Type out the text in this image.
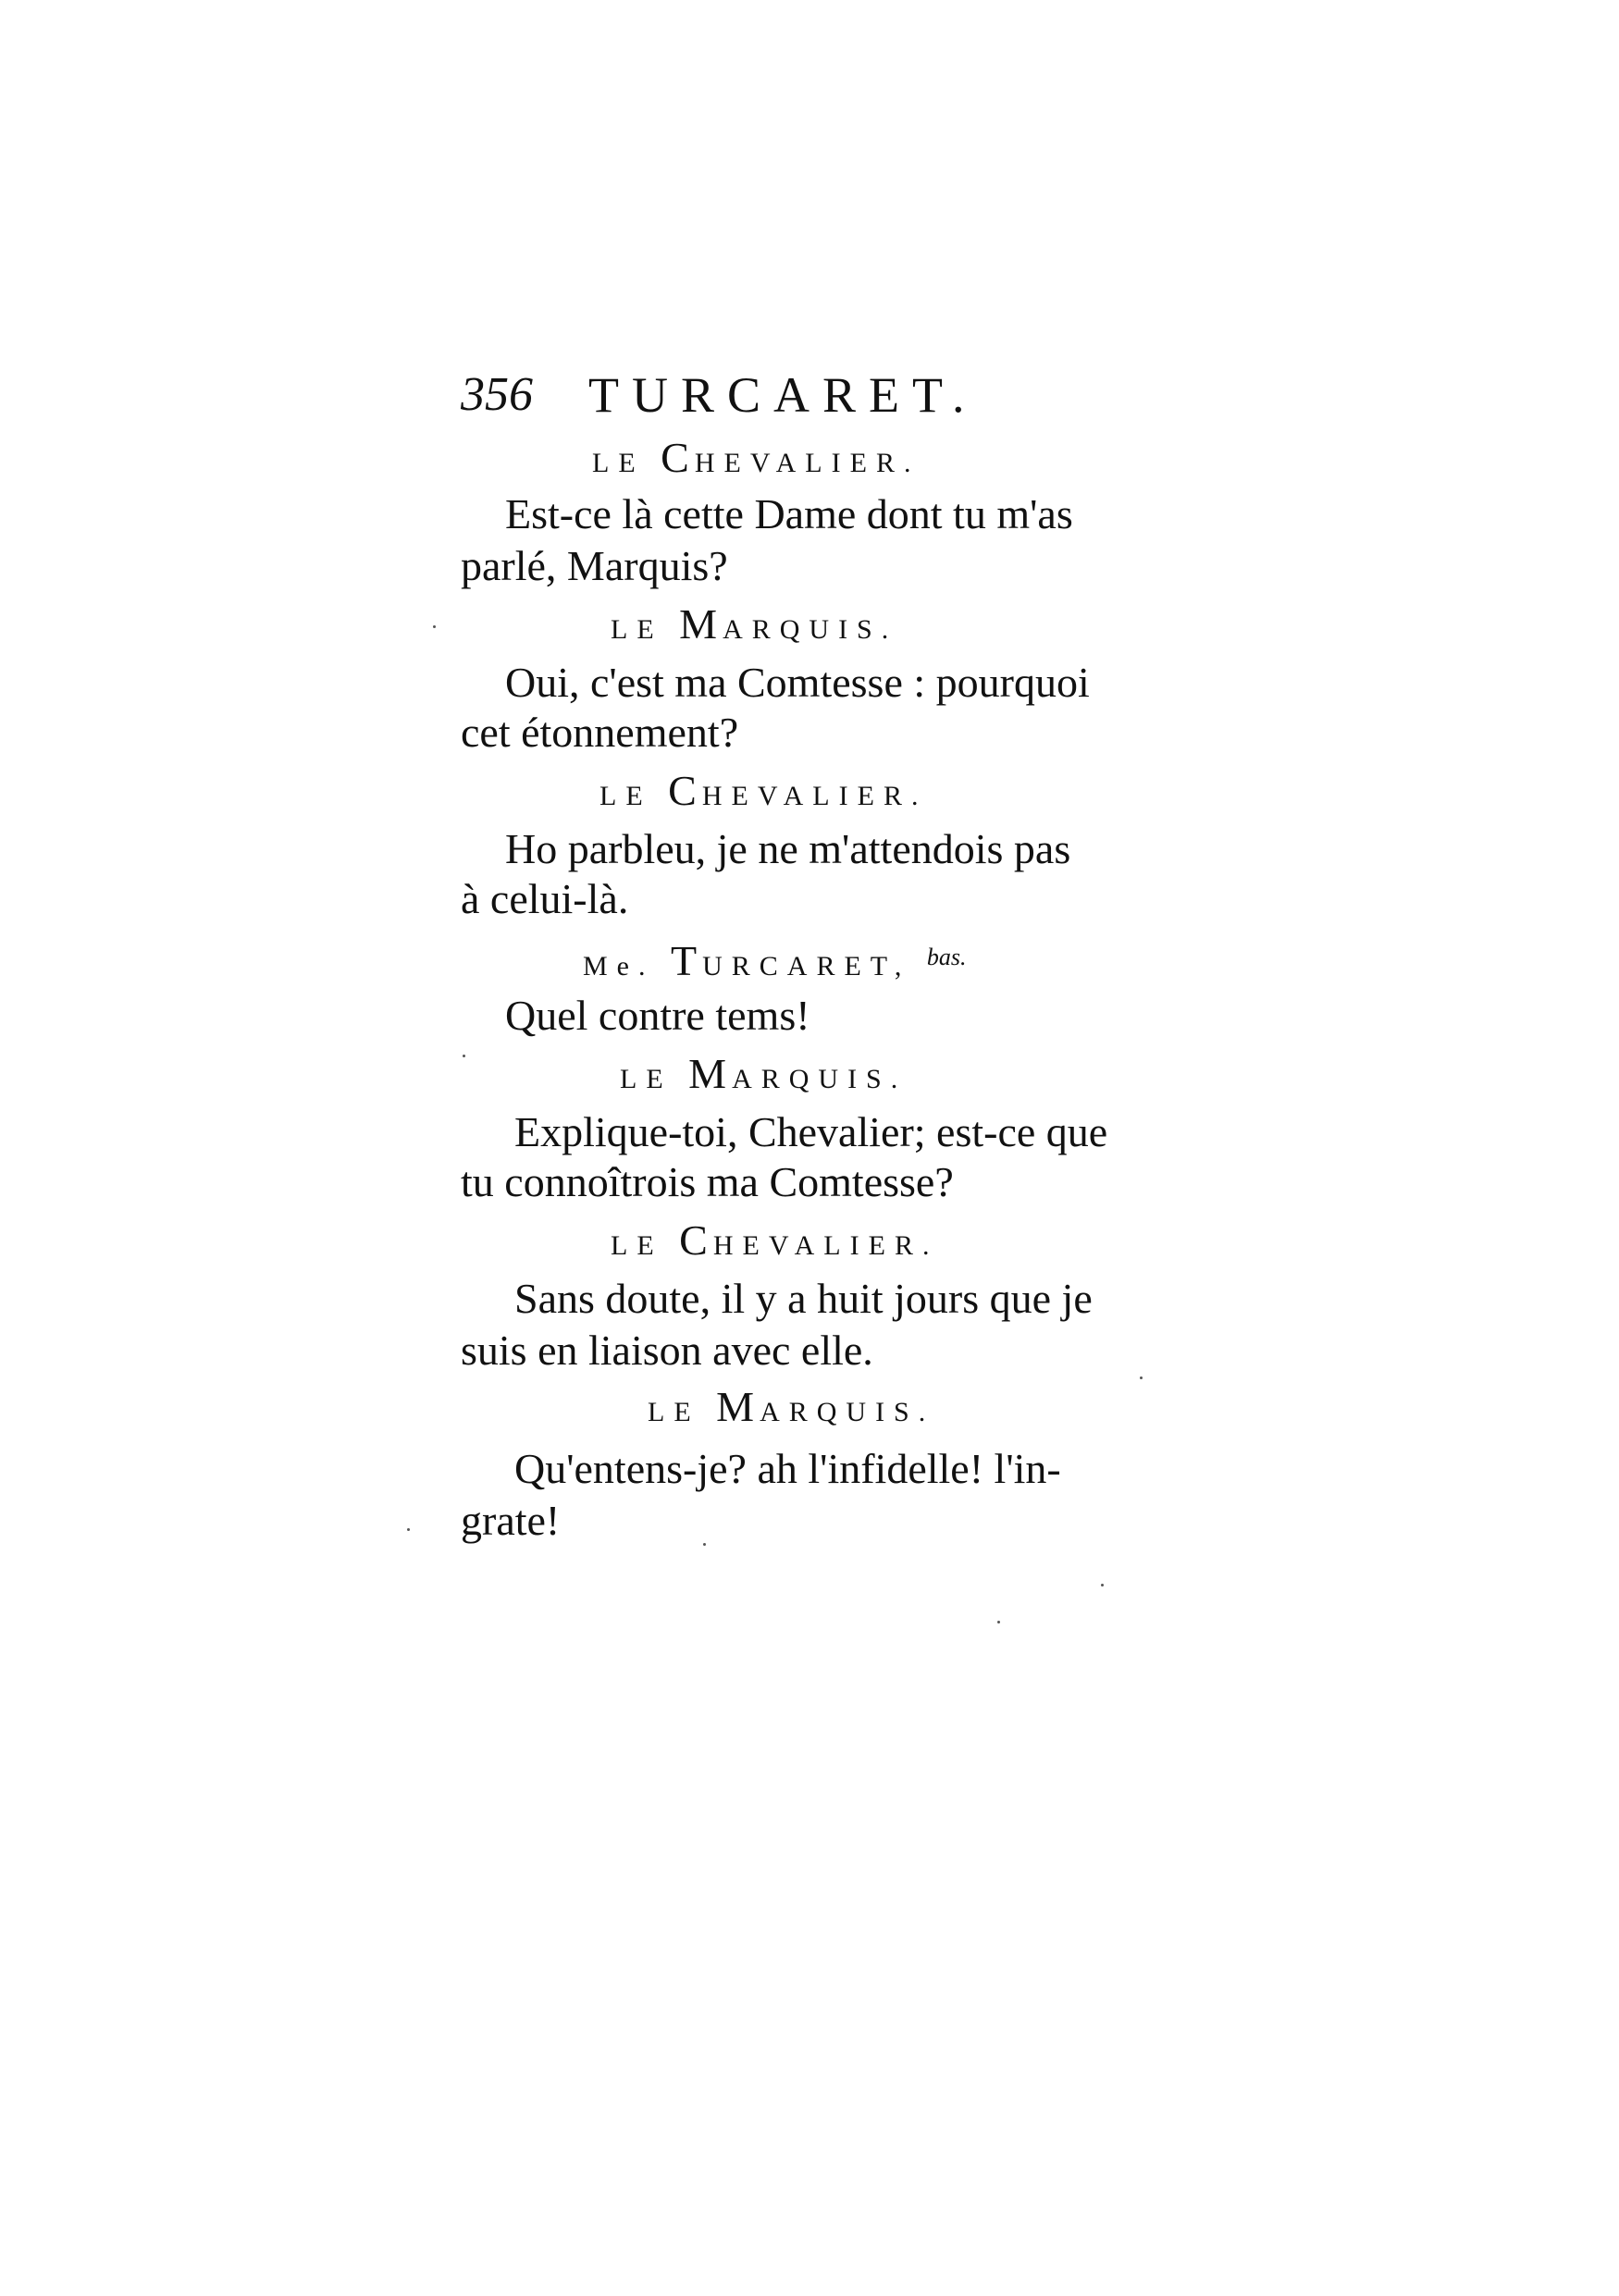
356 TURCARET.
LE CHEVALIER.
Est-ce là cette Dame dont tu m'as
parlé, Marquis?
LE MARQUIS.
Oui, c'est ma Comtesse : pourquoi
cet étonnement?
LE CHEVALIER.
Ho parbleu, je ne m'attendois pas
à celui-là.
Me. TURCARET, bas.
Quel contre tems!
LE MARQUIS.
Explique-toi, Chevalier; est-ce que
tu connoîtrois ma Comtesse?
LE CHEVALIER.
Sans doute, il y a huit jours que je
suis en liaison avec elle.
LE MARQUIS.
Qu'entens-je? ah l'infidelle! l'in-
grate!
